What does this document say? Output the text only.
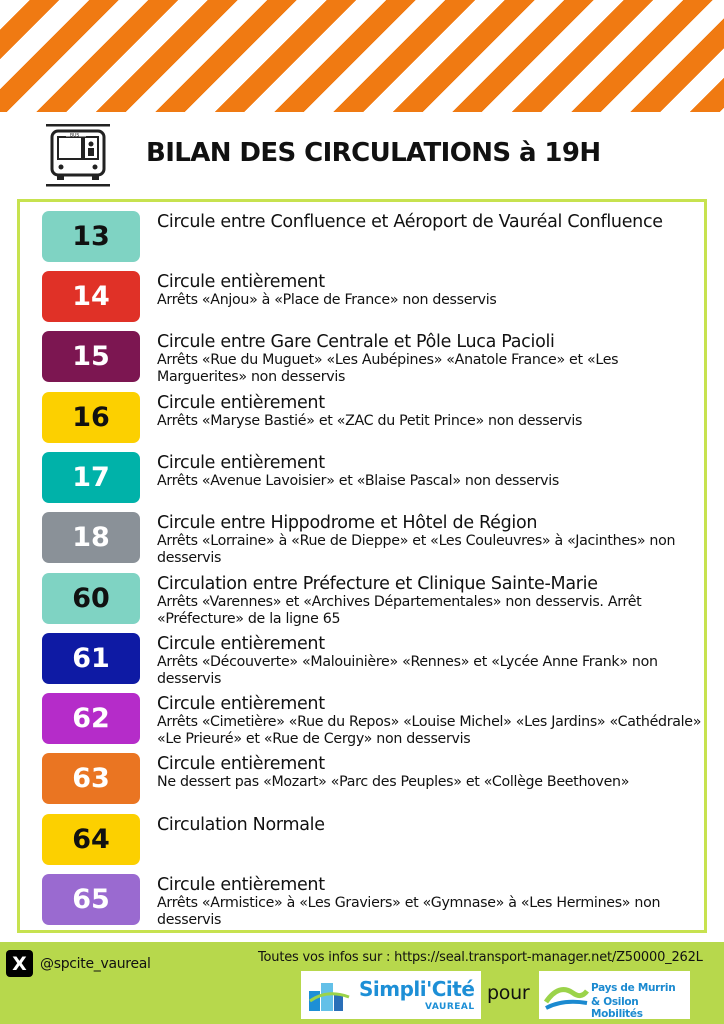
BUS
BILAN DES CIRCULATIONS à 19H
13	Circule entre Confluence et Aéroport de Vauréal Confluence
14	Circule entièrement
Arrêts «Anjou» à «Place de France» non desservis
15	Circule entre Gare Centrale et Pôle Luca Pacioli
Arrêts «Rue du Muguet» «Les Aubépines» «Anatole France» et «Les Marguerites» non desservis
16	Circule entièrement
Arrêts «Maryse Bastié» et «ZAC du Petit Prince» non desservis
17	Circule entièrement
Arrêts «Avenue Lavoisier» et «Blaise Pascal» non desservis
18	Circule entre Hippodrome et Hôtel de Région
Arrêts «Lorraine» à «Rue de Dieppe» et «Les Couleuvres» à «Jacinthes» non desservis
60	Circulation entre Préfecture et Clinique Sainte-Marie
Arrêts «Varennes» et «Archives Départementales» non desservis. Arrêt «Préfecture» de la ligne 65
61	Circule entièrement
Arrêts «Découverte» «Malouinière» «Rennes» et «Lycée Anne Frank» non desservis
62	Circule entièrement
Arrêts «Cimetière» «Rue du Repos» «Louise Michel» «Les Jardins» «Cathédrale» «Le Prieuré» et «Rue de Cergy» non desservis
63	Circule entièrement
Ne dessert pas «Mozart» «Parc des Peuples» et «Collège Beethoven»
64	Circulation Normale
65	Circule entièrement
Arrêts «Armistice» à «Les Graviers» et «Gymnase» à «Les Hermines» non desservis
X @spcite_vaureal	Toutes vos infos sur : https://seal.transport-manager.net/Z50000_262L
Simpli'Cité
VAUREAL
pour	Pays de Murrin
& Osilon Mobilités
